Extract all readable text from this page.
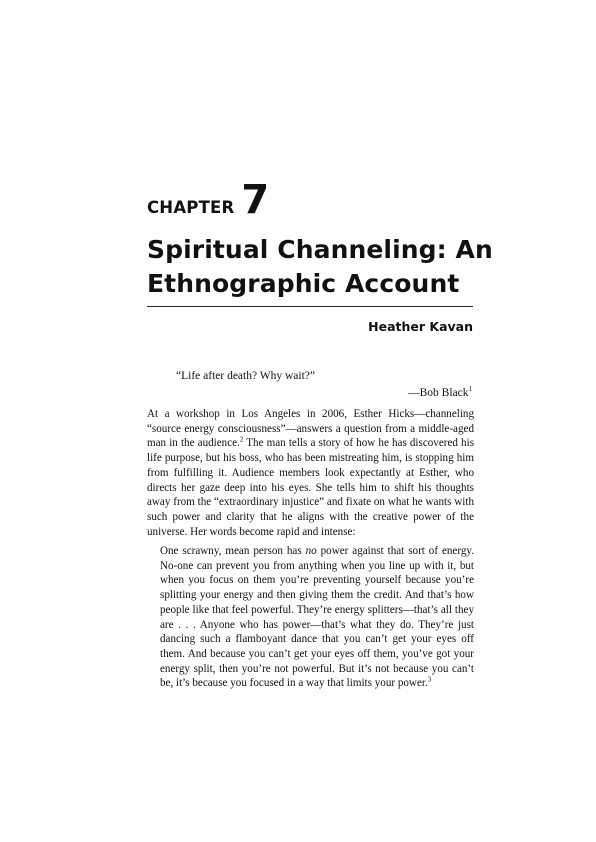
CHAPTER 7
Spiritual Channeling: An
Ethnographic Account
Heather Kavan
“Life after death? Why wait?”
—Bob Black$^1$

At a workshop in Los Angeles in 2006, Esther Hicks—channeling “source energy consciousness”—answers a question from a middle-aged man in the audience.$^2$ The man tells a story of how he has discovered his life purpose, but his boss, who has been mistreating him, is stopping him from fulfilling it. Audience members look expectantly at Esther, who directs her gaze deep into his eyes. She tells him to shift his thoughts away from the “extraordinary injustice” and fixate on what he wants with such power and clarity that he aligns with the creative power of the universe. Her words become rapid and intense:

One scrawny, mean person has no power against that sort of energy. No-one can prevent you from anything when you line up with it, but when you focus on them you’re preventing yourself because you’re splitting your energy and then giving them the credit. And that’s how people like that feel powerful. They’re energy splitters—that’s all they are . . . Anyone who has power—that’s what they do. They’re just dancing such a flamboyant dance that you can’t get your eyes off them. And because you can’t get your eyes off them, you’ve got your energy split, then you’re not powerful. But it’s not because you can’t be, it’s because you focused in a way that limits your power.$^3$
